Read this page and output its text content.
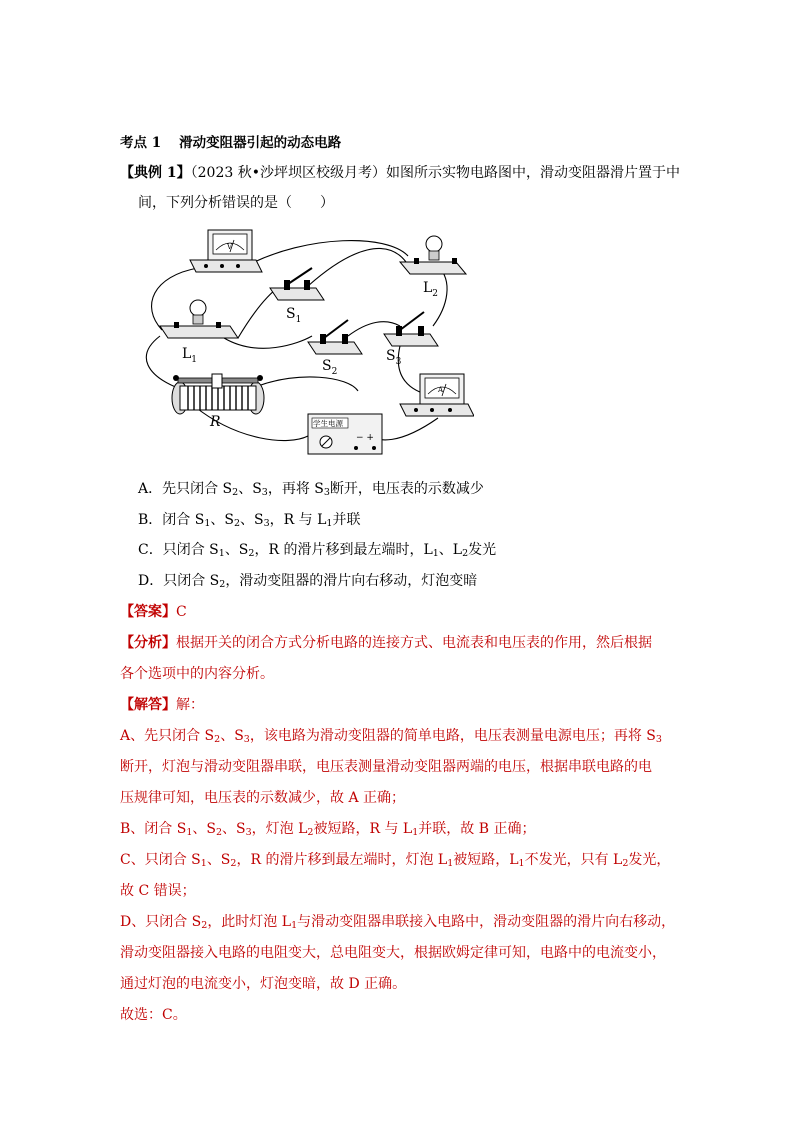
考点 1 滑动变阻器引起的动态电路
【典例 1】（2023 秋•沙坪坝区校级月考）如图所示实物电路图中，滑动变阻器滑片置于中
间，下列分析错误的是（　　）
V
A
学生电源
− +
$L_2$
$S_1$
$L_1$	$S_2$
$S_3$
R
A．先只闭合 $S_2$、$S_3$，再将 $S_3$断开，电压表的示数减少
B．闭合 $S_1$、$S_2$、$S_3$，R 与 $L_1$并联
C．只闭合 $S_1$、$S_2$，R 的滑片移到最左端时，$L_1$、$L_2$发光
D．只闭合 $S_2$，滑动变阻器的滑片向右移动，灯泡变暗
【答案】C
【分析】根据开关的闭合方式分析电路的连接方式、电流表和电压表的作用，然后根据
各个选项中的内容分析。
【解答】解：
A、先只闭合 $S_2$、$S_3$，该电路为滑动变阻器的简单电路，电压表测量电源电压；再将 $S_3$
断开，灯泡与滑动变阻器串联，电压表测量滑动变阻器两端的电压，根据串联电路的电
压规律可知，电压表的示数减少，故 A 正确；
B、闭合 $S_1$、$S_2$、$S_3$，灯泡 $L_2$被短路，R 与 $L_1$并联，故 B 正确；
C、只闭合 $S_1$、$S_2$，R 的滑片移到最左端时，灯泡 $L_1$被短路，$L_1$不发光，只有 $L_2$发光，
故 C 错误；
D、只闭合 $S_2$，此时灯泡 $L_1$与滑动变阻器串联接入电路中，滑动变阻器的滑片向右移动，
滑动变阻器接入电路的电阻变大，总电阻变大，根据欧姆定律可知，电路中的电流变小，
通过灯泡的电流变小，灯泡变暗，故 D 正确。
故选：C。
